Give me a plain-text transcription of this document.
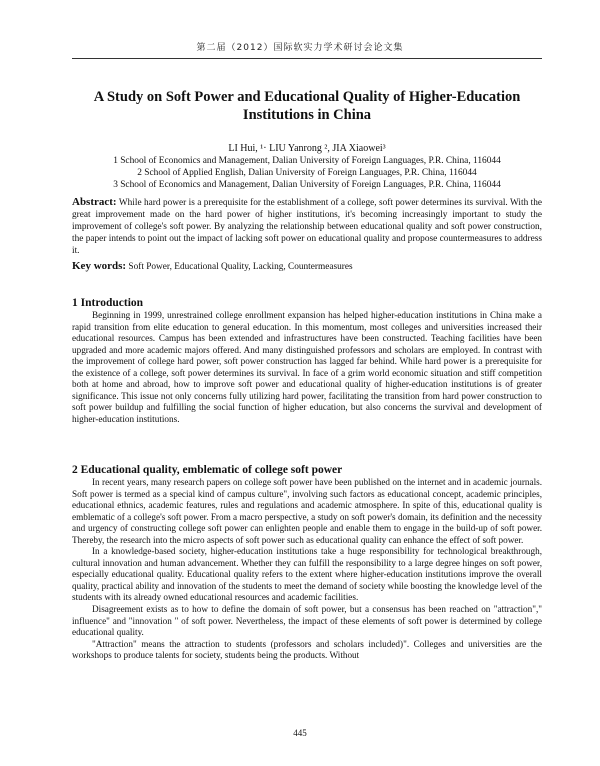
第二届（2012）国际软实力学术研讨会论文集
A Study on Soft Power and Educational Quality of Higher-Education Institutions in China
LI Hui, ¹· LIU Yanrong ², JIA Xiaowei³
1 School of Economics and Management, Dalian University of Foreign Languages, P.R. China, 116044
2 School of Applied English, Dalian University of Foreign Languages, P.R. China, 116044
3 School of Economics and Management, Dalian University of Foreign Languages, P.R. China, 116044
Abstract: While hard power is a prerequisite for the establishment of a college, soft power determines its survival. With the great improvement made on the hard power of higher institutions, it's becoming increasingly important to study the improvement of college's soft power. By analyzing the relationship between educational quality and soft power construction, the paper intends to point out the impact of lacking soft power on educational quality and propose countermeasures to address it.
Key words: Soft Power, Educational Quality, Lacking, Countermeasures
1 Introduction

Beginning in 1999, unrestrained college enrollment expansion has helped higher-education institutions in China make a rapid transition from elite education to general education. In this momentum, most colleges and universities increased their educational resources. Campus has been extended and infrastructures have been constructed. Teaching facilities have been upgraded and more academic majors offered. And many distinguished professors and scholars are employed. In contrast with the improvement of college hard power, soft power construction has lagged far behind. While hard power is a prerequisite for the existence of a college, soft power determines its survival. In face of a grim world economic situation and stiff competition both at home and abroad, how to improve soft power and educational quality of higher-education institutions is of greater significance. This issue not only concerns fully utilizing hard power, facilitating the transition from hard power construction to soft power buildup and fulfilling the social function of higher education, but also concerns the survival and development of higher-education institutions.

2 Educational quality, emblematic of college soft power

In recent years, many research papers on college soft power have been published on the internet and in academic journals. Soft power is termed as a special kind of campus culture", involving such factors as educational concept, academic principles, educational ethnics, academic features, rules and regulations and academic atmosphere. In spite of this, educational quality is emblematic of a college's soft power. From a macro perspective, a study on soft power's domain, its definition and the necessity and urgency of constructing college soft power can enlighten people and enable them to engage in the build-up of soft power. Thereby, the research into the micro aspects of soft power such as educational quality can enhance the effect of soft power.

In a knowledge-based society, higher-education institutions take a huge responsibility for technological breakthrough, cultural innovation and human advancement. Whether they can fulfill the responsibility to a large degree hinges on soft power, especially educational quality. Educational quality refers to the extent where higher-education institutions improve the overall quality, practical ability and innovation of the students to meet the demand of society while boosting the knowledge level of the students with its already owned educational resources and academic facilities.

Disagreement exists as to how to define the domain of soft power, but a consensus has been reached on "attraction"," influence" and "innovation " of soft power. Nevertheless, the impact of these elements of soft power is determined by college educational quality.

"Attraction" means the attraction to students (professors and scholars included)". Colleges and universities are the workshops to produce talents for society, students being the products. Without

445
